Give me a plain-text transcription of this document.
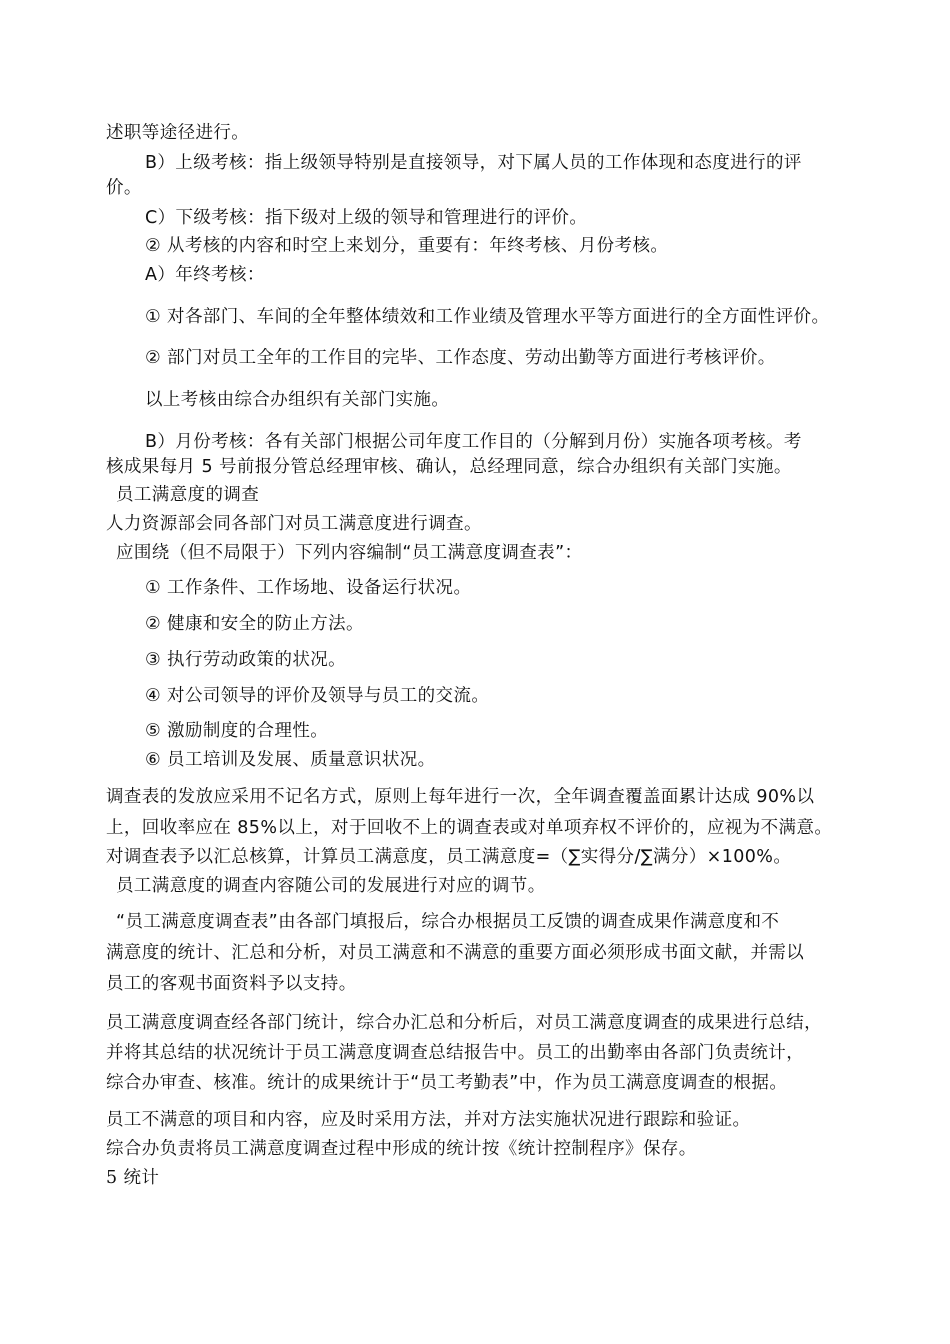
述职等途径进行。
B）上级考核：指上级领导特别是直接领导，对下属人员的工作体现和态度进行的评
价。
C）下级考核：指下级对上级的领导和管理进行的评价。
② 从考核的内容和时空上来划分，重要有：年终考核、月份考核。
A）年终考核：
① 对各部门、车间的全年整体绩效和工作业绩及管理水平等方面进行的全方面性评价。
② 部门对员工全年的工作目的完毕、工作态度、劳动出勤等方面进行考核评价。
以上考核由综合办组织有关部门实施。
B）月份考核：各有关部门根据公司年度工作目的（分解到月份）实施各项考核。考
核成果每月 5 号前报分管总经理审核、确认，总经理同意，综合办组织有关部门实施。
员工满意度的调查
人力资源部会同各部门对员工满意度进行调查。
应围绕（但不局限于）下列内容编制“员工满意度调查表”：
① 工作条件、工作场地、设备运行状况。
② 健康和安全的防止方法。
③ 执行劳动政策的状况。
④ 对公司领导的评价及领导与员工的交流。
⑤ 激励制度的合理性。
⑥ 员工培训及发展、质量意识状况。
调查表的发放应采用不记名方式，原则上每年进行一次，全年调查覆盖面累计达成 90%以
上，回收率应在 85%以上，对于回收不上的调查表或对单项弃权不评价的，应视为不满意。
对调查表予以汇总核算，计算员工满意度，员工满意度=（∑实得分/∑满分）×100%。
员工满意度的调查内容随公司的发展进行对应的调节。
“员工满意度调查表”由各部门填报后，综合办根据员工反馈的调查成果作满意度和不
满意度的统计、汇总和分析，对员工满意和不满意的重要方面必须形成书面文献，并需以
员工的客观书面资料予以支持。
员工满意度调查经各部门统计，综合办汇总和分析后，对员工满意度调查的成果进行总结，
并将其总结的状况统计于员工满意度调查总结报告中。员工的出勤率由各部门负责统计，
综合办审查、核准。统计的成果统计于“员工考勤表”中，作为员工满意度调查的根据。
员工不满意的项目和内容，应及时采用方法，并对方法实施状况进行跟踪和验证。
综合办负责将员工满意度调查过程中形成的统计按《统计控制程序》保存。
5 统计
